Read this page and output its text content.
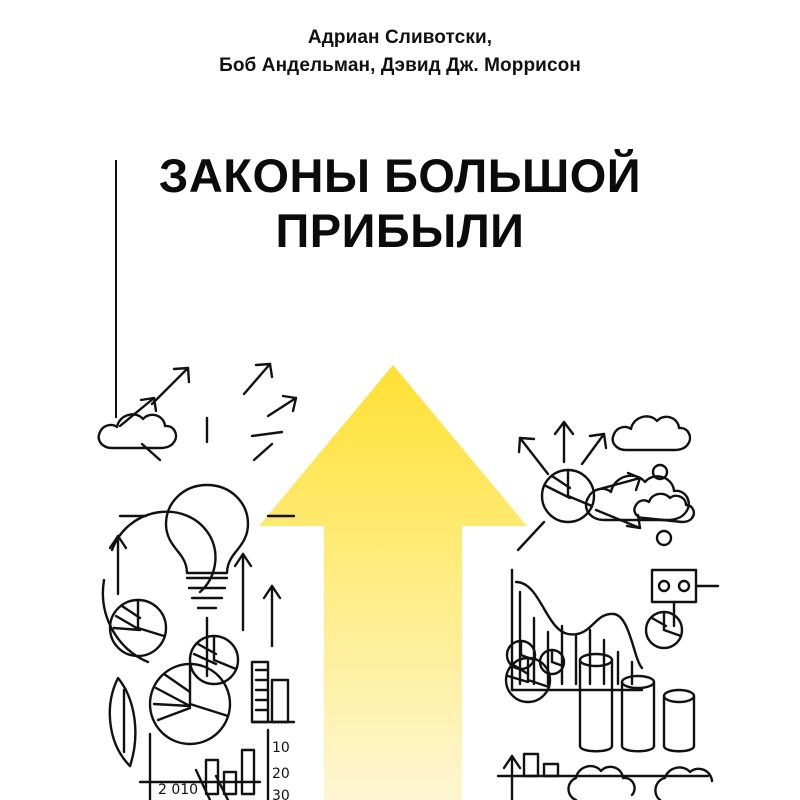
Адриан Сливотски,
Боб Андельман, Дэвид Дж. Моррисон
ЗАКОНЫ БОЛЬШОЙ
ПРИБЫЛИ
2 010
10
20
30
